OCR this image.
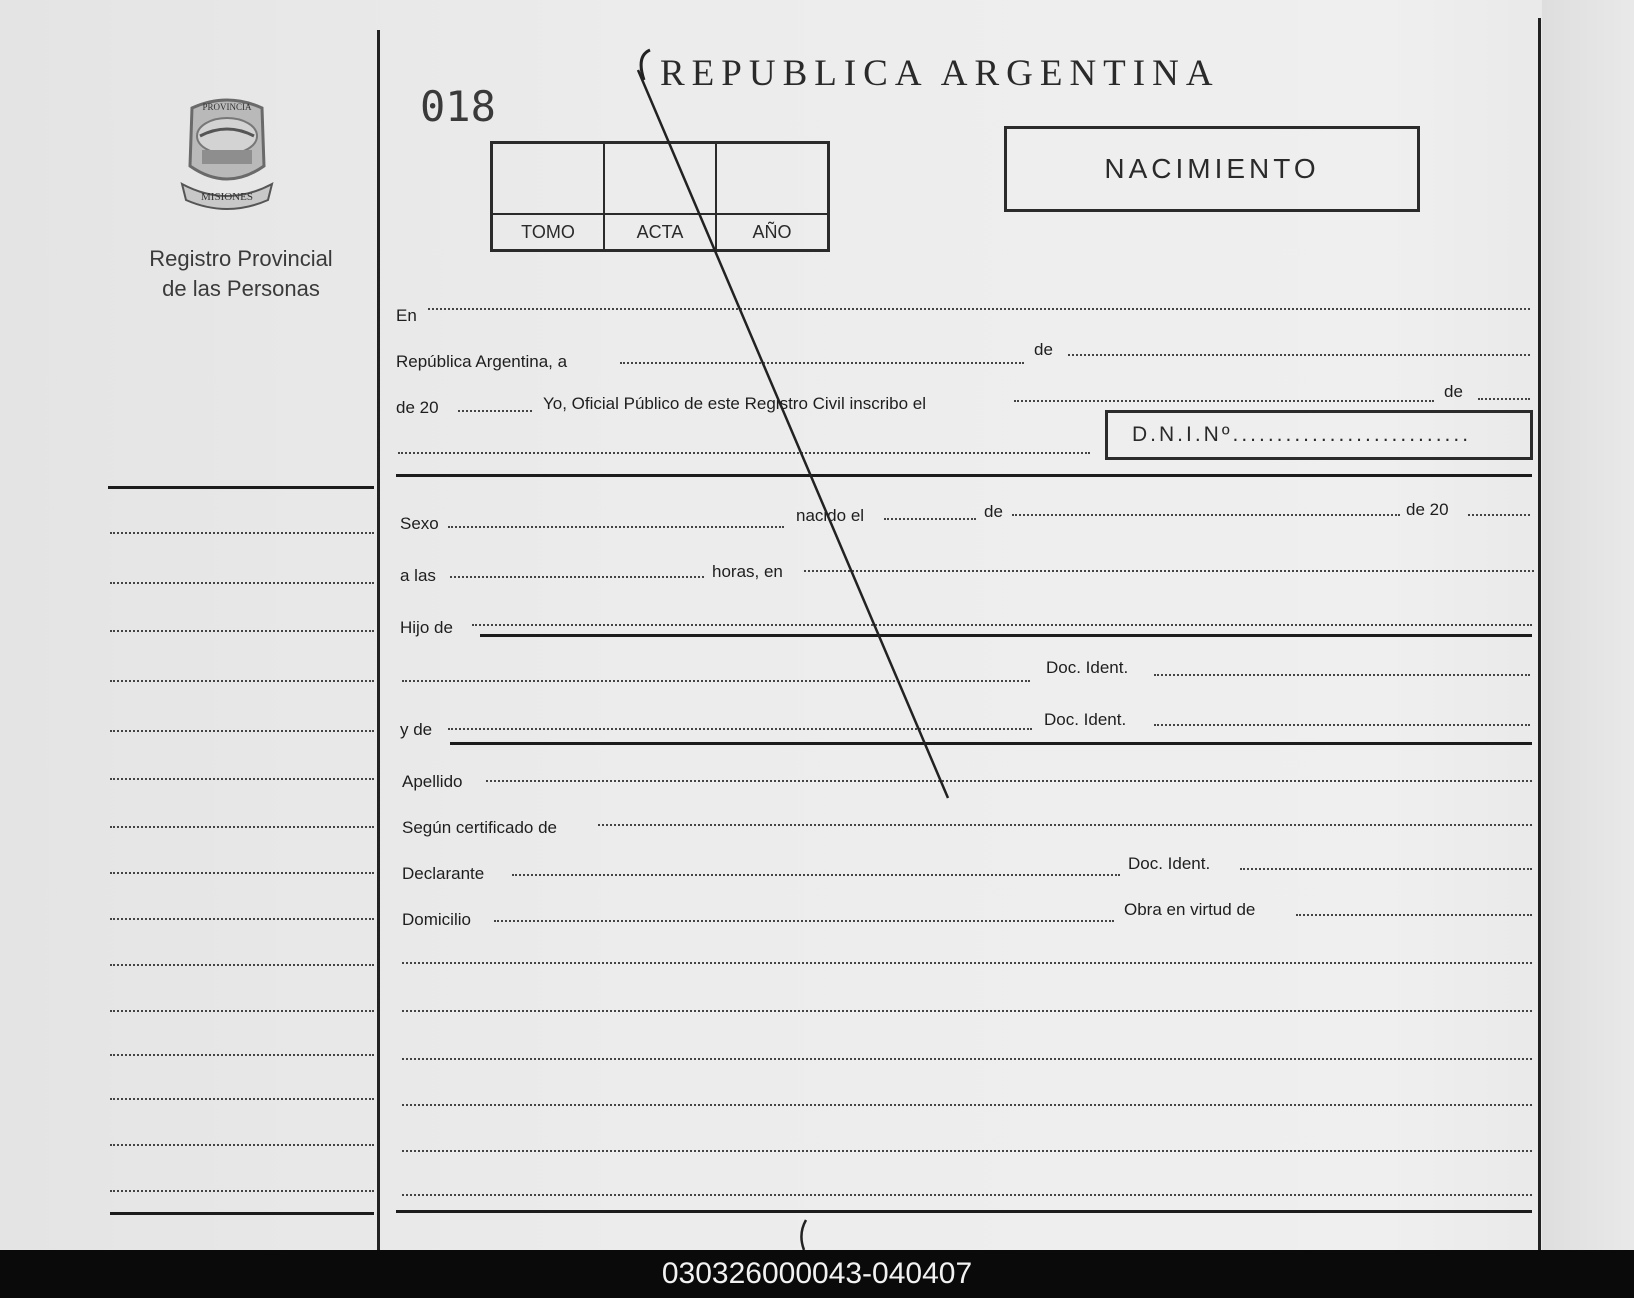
MISIONES
PROVINCIA
Registro Provincial
de las Personas
018
REPUBLICA ARGENTINA
TOMO	ACTA	AÑO
NACIMIENTO
En
República Argentina, a
de
de 20	Yo, Oficial Público de este Registro Civil inscribo el
de
D.N.I.Nº...........................
Sexo	nacido el	de	de 20
a las	horas, en
Hijo de
Doc. Ident.
y de
Doc. Ident.
Apellido
Según certificado de
Declarante
Doc. Ident.
Domicilio
Obra en virtud de
030326000043-040407
